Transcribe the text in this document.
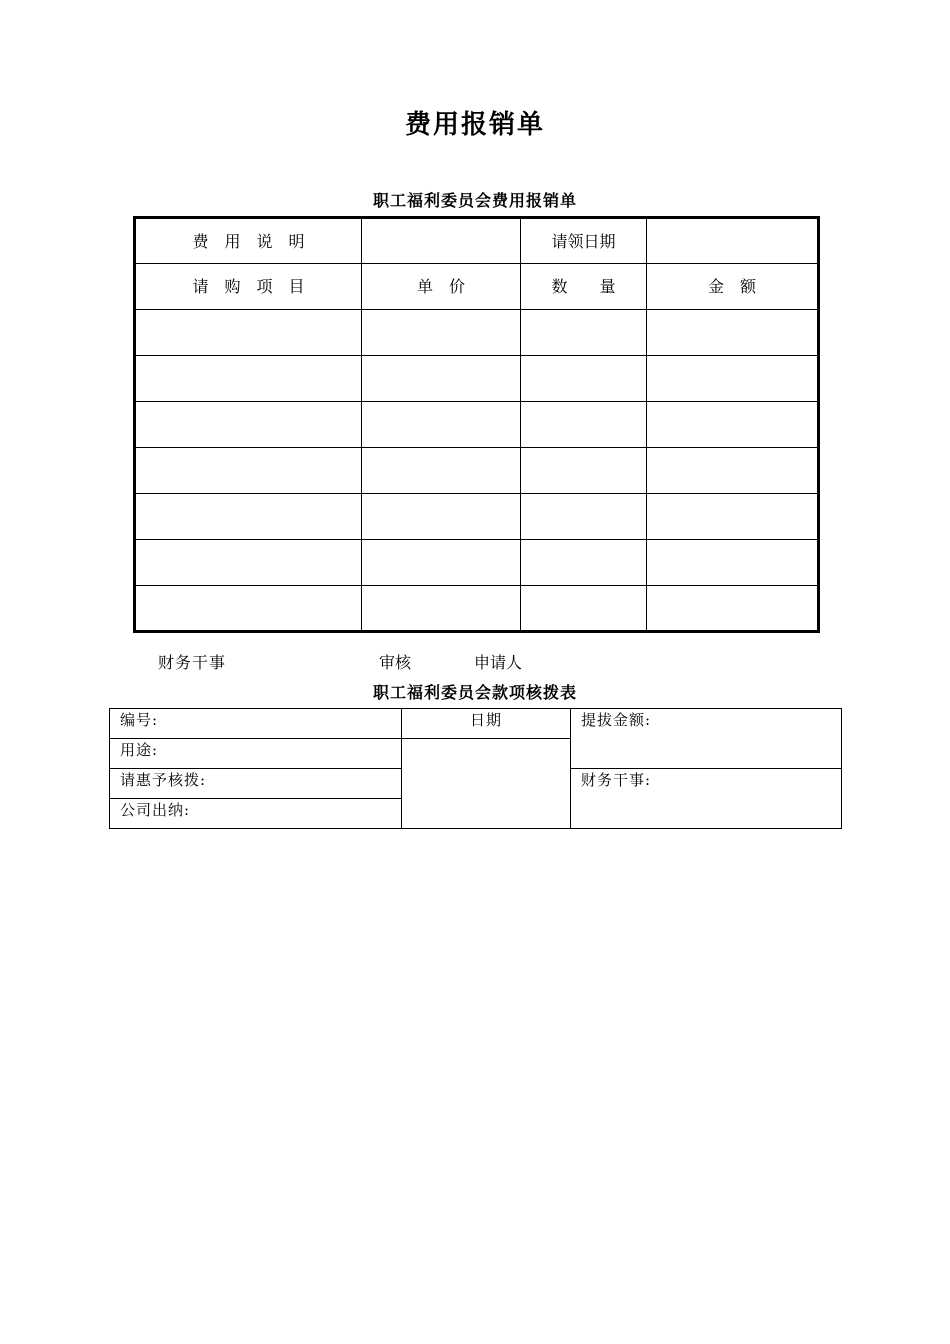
费用报销单
职工福利委员会费用报销单
费　用　说　明		请领日期	
请　购　项　目	单　价	数　　量	金　额

财务干事	审核	申请人
职工福利委员会款项核拨表
编号:	日期	提拔金额:
用途:		
请惠予核拨:		财务干事:
公司出纳:		
